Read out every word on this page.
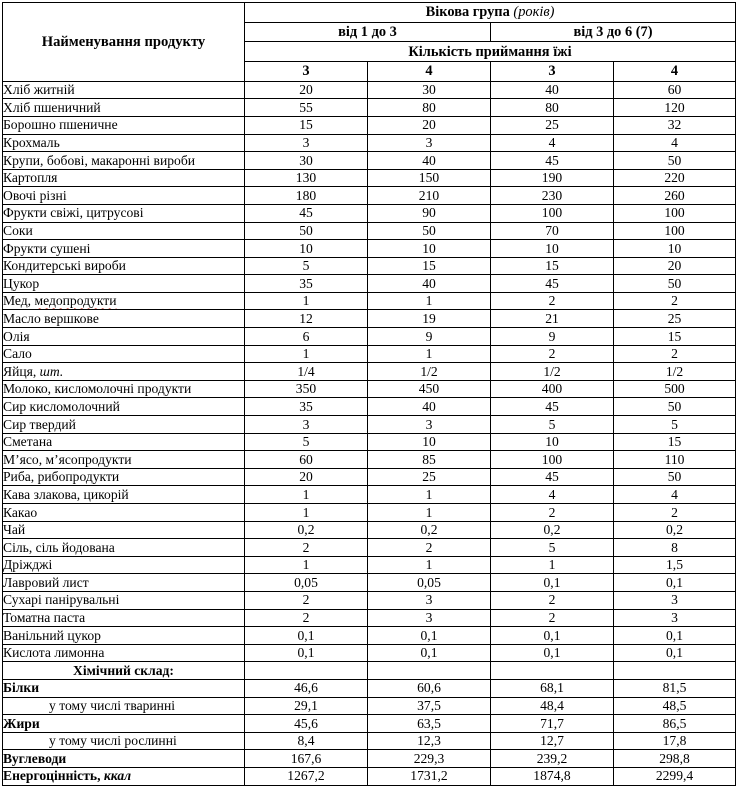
Найменування продукту	Вікова група (років)			
	від 1 до 3		від 3 до 6 (7)	
	Кількість приймання їжі			
	3	4	3	4
Хліб житній	20	30	40	60
Хліб пшеничний	55	80	80	120
Борошно пшеничне	15	20	25	32
Крохмаль	3	3	4	4
Крупи, бобові, макаронні вироби	30	40	45	50
Картопля	130	150	190	220
Овочі різні	180	210	230	260
Фрукти свіжі, цитрусові	45	90	100	100
Соки	50	50	70	100
Фрукти сушені	10	10	10	10
Кондитерські вироби	5	15	15	20
Цукор	35	40	45	50
Мед, медопродукти	1	1	2	2
Масло вершкове	12	19	21	25
Олія	6	9	9	15
Сало	1	1	2	2
Яйця, шт.	1/4	1/2	1/2	1/2
Молоко, кисломолочні продукти	350	450	400	500
Сир кисломолочний	35	40	45	50
Сир твердий	3	3	5	5
Сметана	5	10	10	15
М’ясо, м’ясопродукти	60	85	100	110
Риба, рибопродукти	20	25	45	50
Кава злакова, цикорій	1	1	4	4
Какао	1	1	2	2
Чай	0,2	0,2	0,2	0,2
Сіль, сіль йодована	2	2	5	8
Дріжджі	1	1	1	1,5
Лавровий лист	0,05	0,05	0,1	0,1
Сухарі панірувальні	2	3	2	3
Томатна паста	2	3	2	3
Ванільний цукор	0,1	0,1	0,1	0,1
Кислота лимонна	0,1	0,1	0,1	0,1
Хімічний склад:				
Білки	46,6	60,6	68,1	81,5
у тому числі тваринні	29,1	37,5	48,4	48,5
Жири	45,6	63,5	71,7	86,5
у тому числі рослинні	8,4	12,3	12,7	17,8
Вуглеводи	167,6	229,3	239,2	298,8
Енергоцінність, ккал	1267,2	1731,2	1874,8	2299,4
